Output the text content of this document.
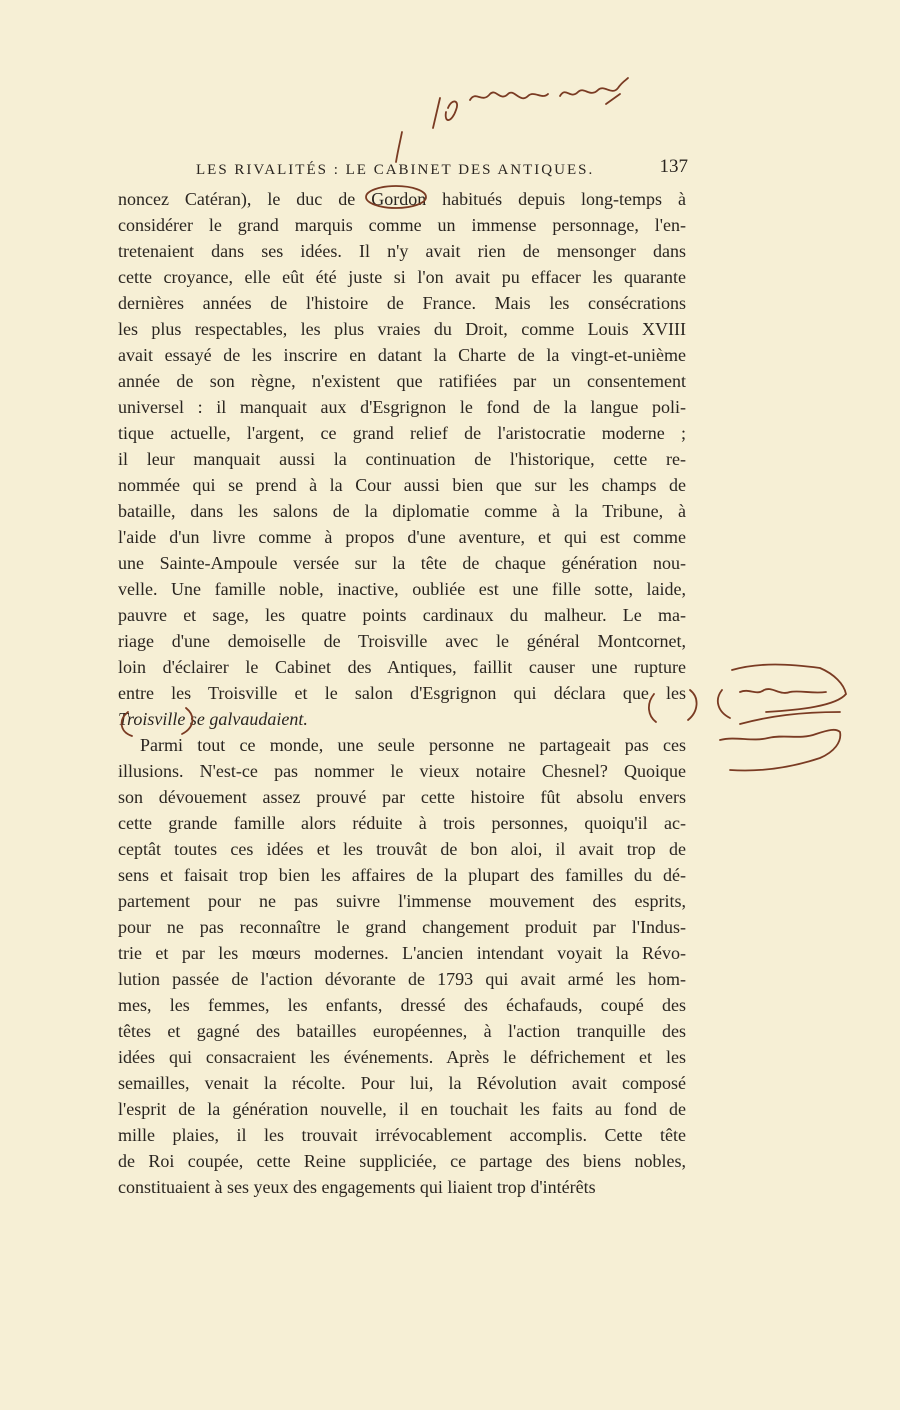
LES RIVALITÉS : LE CABINET DES ANTIQUES.	137
noncez Catéran), le duc de Gordon habitués depuis long-temps à
considérer le grand marquis comme un immense personnage, l'en-
tretenaient dans ses idées. Il n'y avait rien de mensonger dans
cette croyance, elle eût été juste si l'on avait pu effacer les quarante
dernières années de l'histoire de France. Mais les consécrations
les plus respectables, les plus vraies du Droit, comme Louis XVIII
avait essayé de les inscrire en datant la Charte de la vingt-et-unième
année de son règne, n'existent que ratifiées par un consentement
universel : il manquait aux d'Esgrignon le fond de la langue poli-
tique actuelle, l'argent, ce grand relief de l'aristocratie moderne ;
il leur manquait aussi la continuation de l'historique, cette re-
nommée qui se prend à la Cour aussi bien que sur les champs de
bataille, dans les salons de la diplomatie comme à la Tribune, à
l'aide d'un livre comme à propos d'une aventure, et qui est comme
une Sainte-Ampoule versée sur la tête de chaque génération nou-
velle. Une famille noble, inactive, oubliée est une fille sotte, laide,
pauvre et sage, les quatre points cardinaux du malheur. Le ma-
riage d'une demoiselle de Troisville avec le général Montcornet,
loin d'éclairer le Cabinet des Antiques, faillit causer une rupture
entre les Troisville et le salon d'Esgrignon qui déclara que les
Troisville se galvaudaient.
Parmi tout ce monde, une seule personne ne partageait pas ces
illusions. N'est-ce pas nommer le vieux notaire Chesnel? Quoique
son dévouement assez prouvé par cette histoire fût absolu envers
cette grande famille alors réduite à trois personnes, quoiqu'il ac-
ceptât toutes ces idées et les trouvât de bon aloi, il avait trop de
sens et faisait trop bien les affaires de la plupart des familles du dé-
partement pour ne pas suivre l'immense mouvement des esprits,
pour ne pas reconnaître le grand changement produit par l'Indus-
trie et par les mœurs modernes. L'ancien intendant voyait la Révo-
lution passée de l'action dévorante de 1793 qui avait armé les hom-
mes, les femmes, les enfants, dressé des échafauds, coupé des
têtes et gagné des batailles européennes, à l'action tranquille des
idées qui consacraient les événements. Après le défrichement et les
semailles, venait la récolte. Pour lui, la Révolution avait composé
l'esprit de la génération nouvelle, il en touchait les faits au fond de
mille plaies, il les trouvait irrévocablement accomplis. Cette tête
de Roi coupée, cette Reine suppliciée, ce partage des biens nobles,
constituaient à ses yeux des engagements qui liaient trop d'intérêts
